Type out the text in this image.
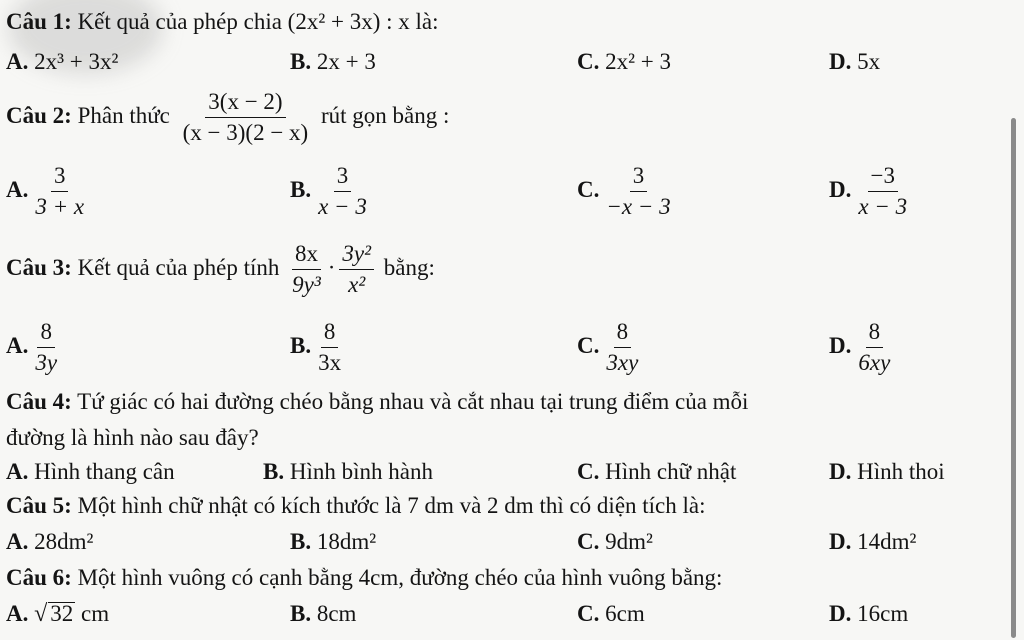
Câu 1: Kết quả của phép chia (2x² + 3x) : x là:
A. 2x³ + 3x²	B. 2x + 3	C. 2x² + 3	D. 5x
Câu 2: Phân thức $\frac{3(x - 2)}{(x - 3)(2 - x)}$ rút gọn bằng :
A. $\frac{3}{3 + x}$	B. $\frac{3}{x - 3}$	C. $\frac{3}{-x - 3}$	D. $\frac{-3}{x - 3}$
Câu 3: Kết quả của phép tính $\frac{8x}{\text{9y³}} \cdot \frac{\text{3y²}}{\text{x²}}$ bằng:
A. $\frac{8}{3y}$	B. $\frac{8}{3x}$	C. $\frac{8}{3xy}$	D. $\frac{8}{6xy}$
Câu 4: Tứ giác có hai đường chéo bằng nhau và cắt nhau tại trung điểm của mỗi
đường là hình nào sau đây?
A. Hình thang cân	B. Hình bình hành	C. Hình chữ nhật	D. Hình thoi
Câu 5: Một hình chữ nhật có kích thước là 7 dm và 2 dm thì có diện tích là:
A. 28dm²	B. 18dm²	C. 9dm²	D. 14dm²
Câu 6: Một hình vuông có cạnh bằng 4cm, đường chéo của hình vuông bằng:
A. √ 32 cm	B. 8cm	C. 6cm	D. 16cm
